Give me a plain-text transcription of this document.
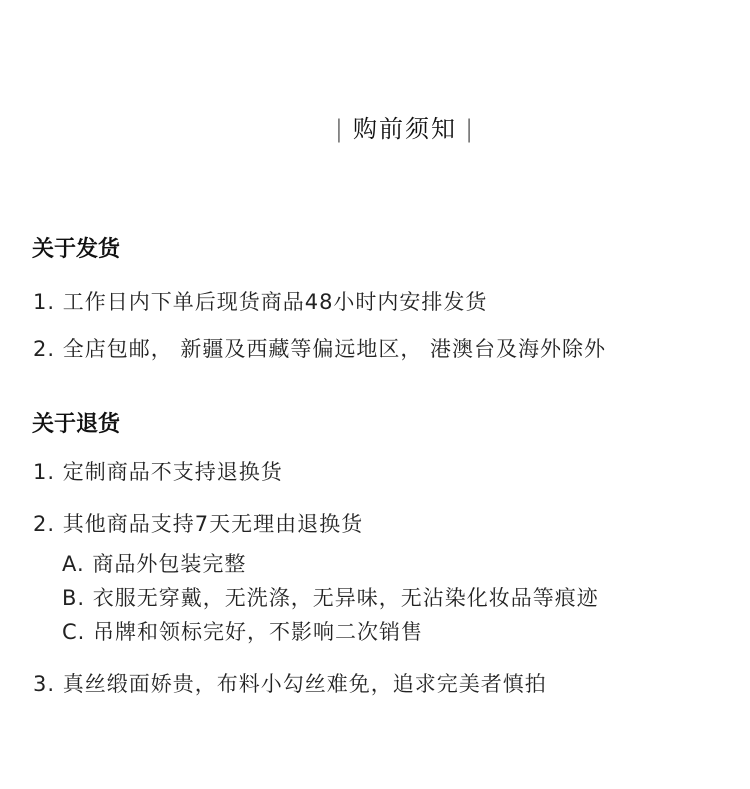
| 购前须知 |
关于发货
1. 工作日内下单后现货商品48小时内安排发货
2. 全店包邮， 新疆及西藏等偏远地区， 港澳台及海外除外
关于退货
1. 定制商品不支持退换货
2. 其他商品支持7天无理由退换货
A. 商品外包装完整
B. 衣服无穿戴，无洗涤，无异味，无沾染化妆品等痕迹
C. 吊牌和领标完好，不影响二次销售
3. 真丝缎面娇贵，布料小勾丝难免，追求完美者慎拍
